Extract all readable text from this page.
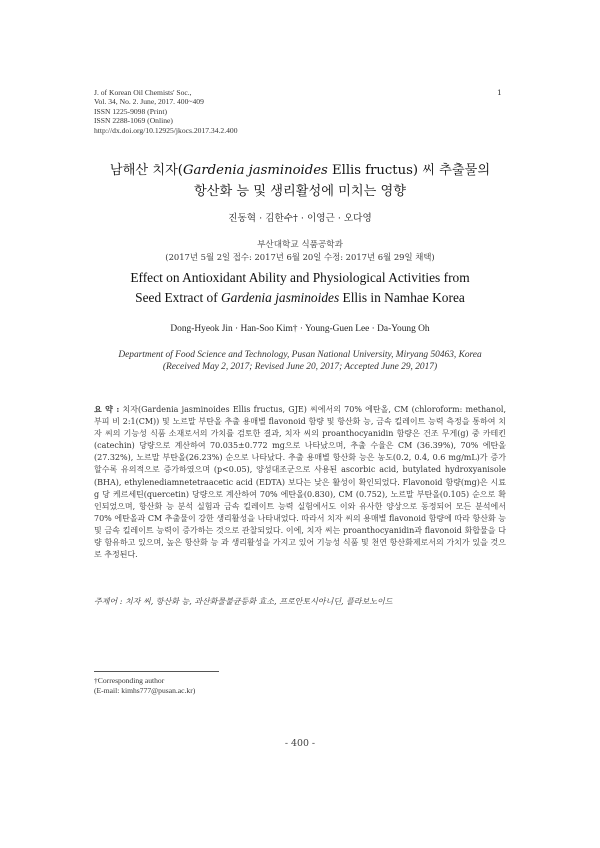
J. of Korean Oil Chemists' Soc.,
Vol. 34, No. 2. June, 2017. 400~409
ISSN 1225-9098 (Print)
ISSN 2288-1069 (Online)
http://dx.doi.org/10.12925/jkocs.2017.34.2.400
1
남해산 치자(Gardenia jasminoides Ellis fructus) 씨 추출물의
항산화 능 및 생리활성에 미치는 영향
진동혁 · 김한수† · 이영근 · 오다영
부산대학교 식품공학과
(2017년 5월 2일 접수: 2017년 6월 20일 수정: 2017년 6월 29일 채택)
Effect on Antioxidant Ability and Physiological Activities from
Seed Extract of Gardenia jasminoides Ellis in Namhae Korea
Dong-Hyeok Jin · Han-Soo Kim† · Young-Guen Lee · Da-Young Oh
Department of Food Science and Technology, Pusan National University, Miryang 50463, Korea
(Received May 2, 2017; Revised June 20, 2017; Accepted June 29, 2017)
요 약 : 치자(Gardenia jasminoides Ellis fructus, GJE) 씨에서의 70% 에탄올, CM (chloroform: methanol, 부피 비 2:1(CM)) 및 노르말 부탄올 추출 용매별 flavonoid 함량 및 항산화 능, 금속 킬레이트 능력 측정을 통하여 치자 씨의 기능성 식품 소재로서의 가치를 검토한 결과, 치자 씨의 proanthocyanidin 함량은 건조 무게(g) 중 카테킨(catechin) 당량으로 계산하여 70.035±0.772 mg으로 나타났으며, 추출 수율은 CM (36.39%), 70% 에탄올(27.32%), 노르말 부탄올(26.23%) 순으로 나타났다. 추출 용매별 항산화 능은 농도(0.2, 0.4, 0.6 mg/mL)가 증가할수록 유의적으로 증가하였으며 (p<0.05), 양성대조군으로 사용된 ascorbic acid, butylated hydroxyanisole (BHA), ethylenediamnetetraacetic acid (EDTA) 보다는 낮은 활성이 확인되었다. Flavonoid 함량(mg)은 시료 g 당 케르세틴(quercetin) 당량으로 계산하여 70% 에탄올(0.830), CM (0.752), 노르말 부탄올(0.105) 순으로 확인되었으며, 항산화 능 분석 실험과 금속 킬레이트 능력 실험에서도 이와 유사한 양상으로 동정되어 모든 분석에서 70% 에탄올과 CM 추출물이 강한 생리활성을 나타내었다. 따라서 치자 씨의 용매별 flavonoid 함량에 따라 항산화 능 및 금속 킬레이트 능력이 증가하는 것으로 관찰되었다. 이에, 치자 씨는 proanthocyanidin과 flavonoid 화합물을 다량 함유하고 있으며, 높은 항산화 능 과 생리활성을 가지고 있어 기능성 식품 및 천연 항산화제로서의 가치가 있을 것으로 추정된다.
주제어 : 치자 씨, 항산화 능, 과산화물불균등화 효소, 프로안토시아니딘, 플라보노이드
†Corresponding author
(E-mail: kimhs777@pusan.ac.kr)
- 400 -
